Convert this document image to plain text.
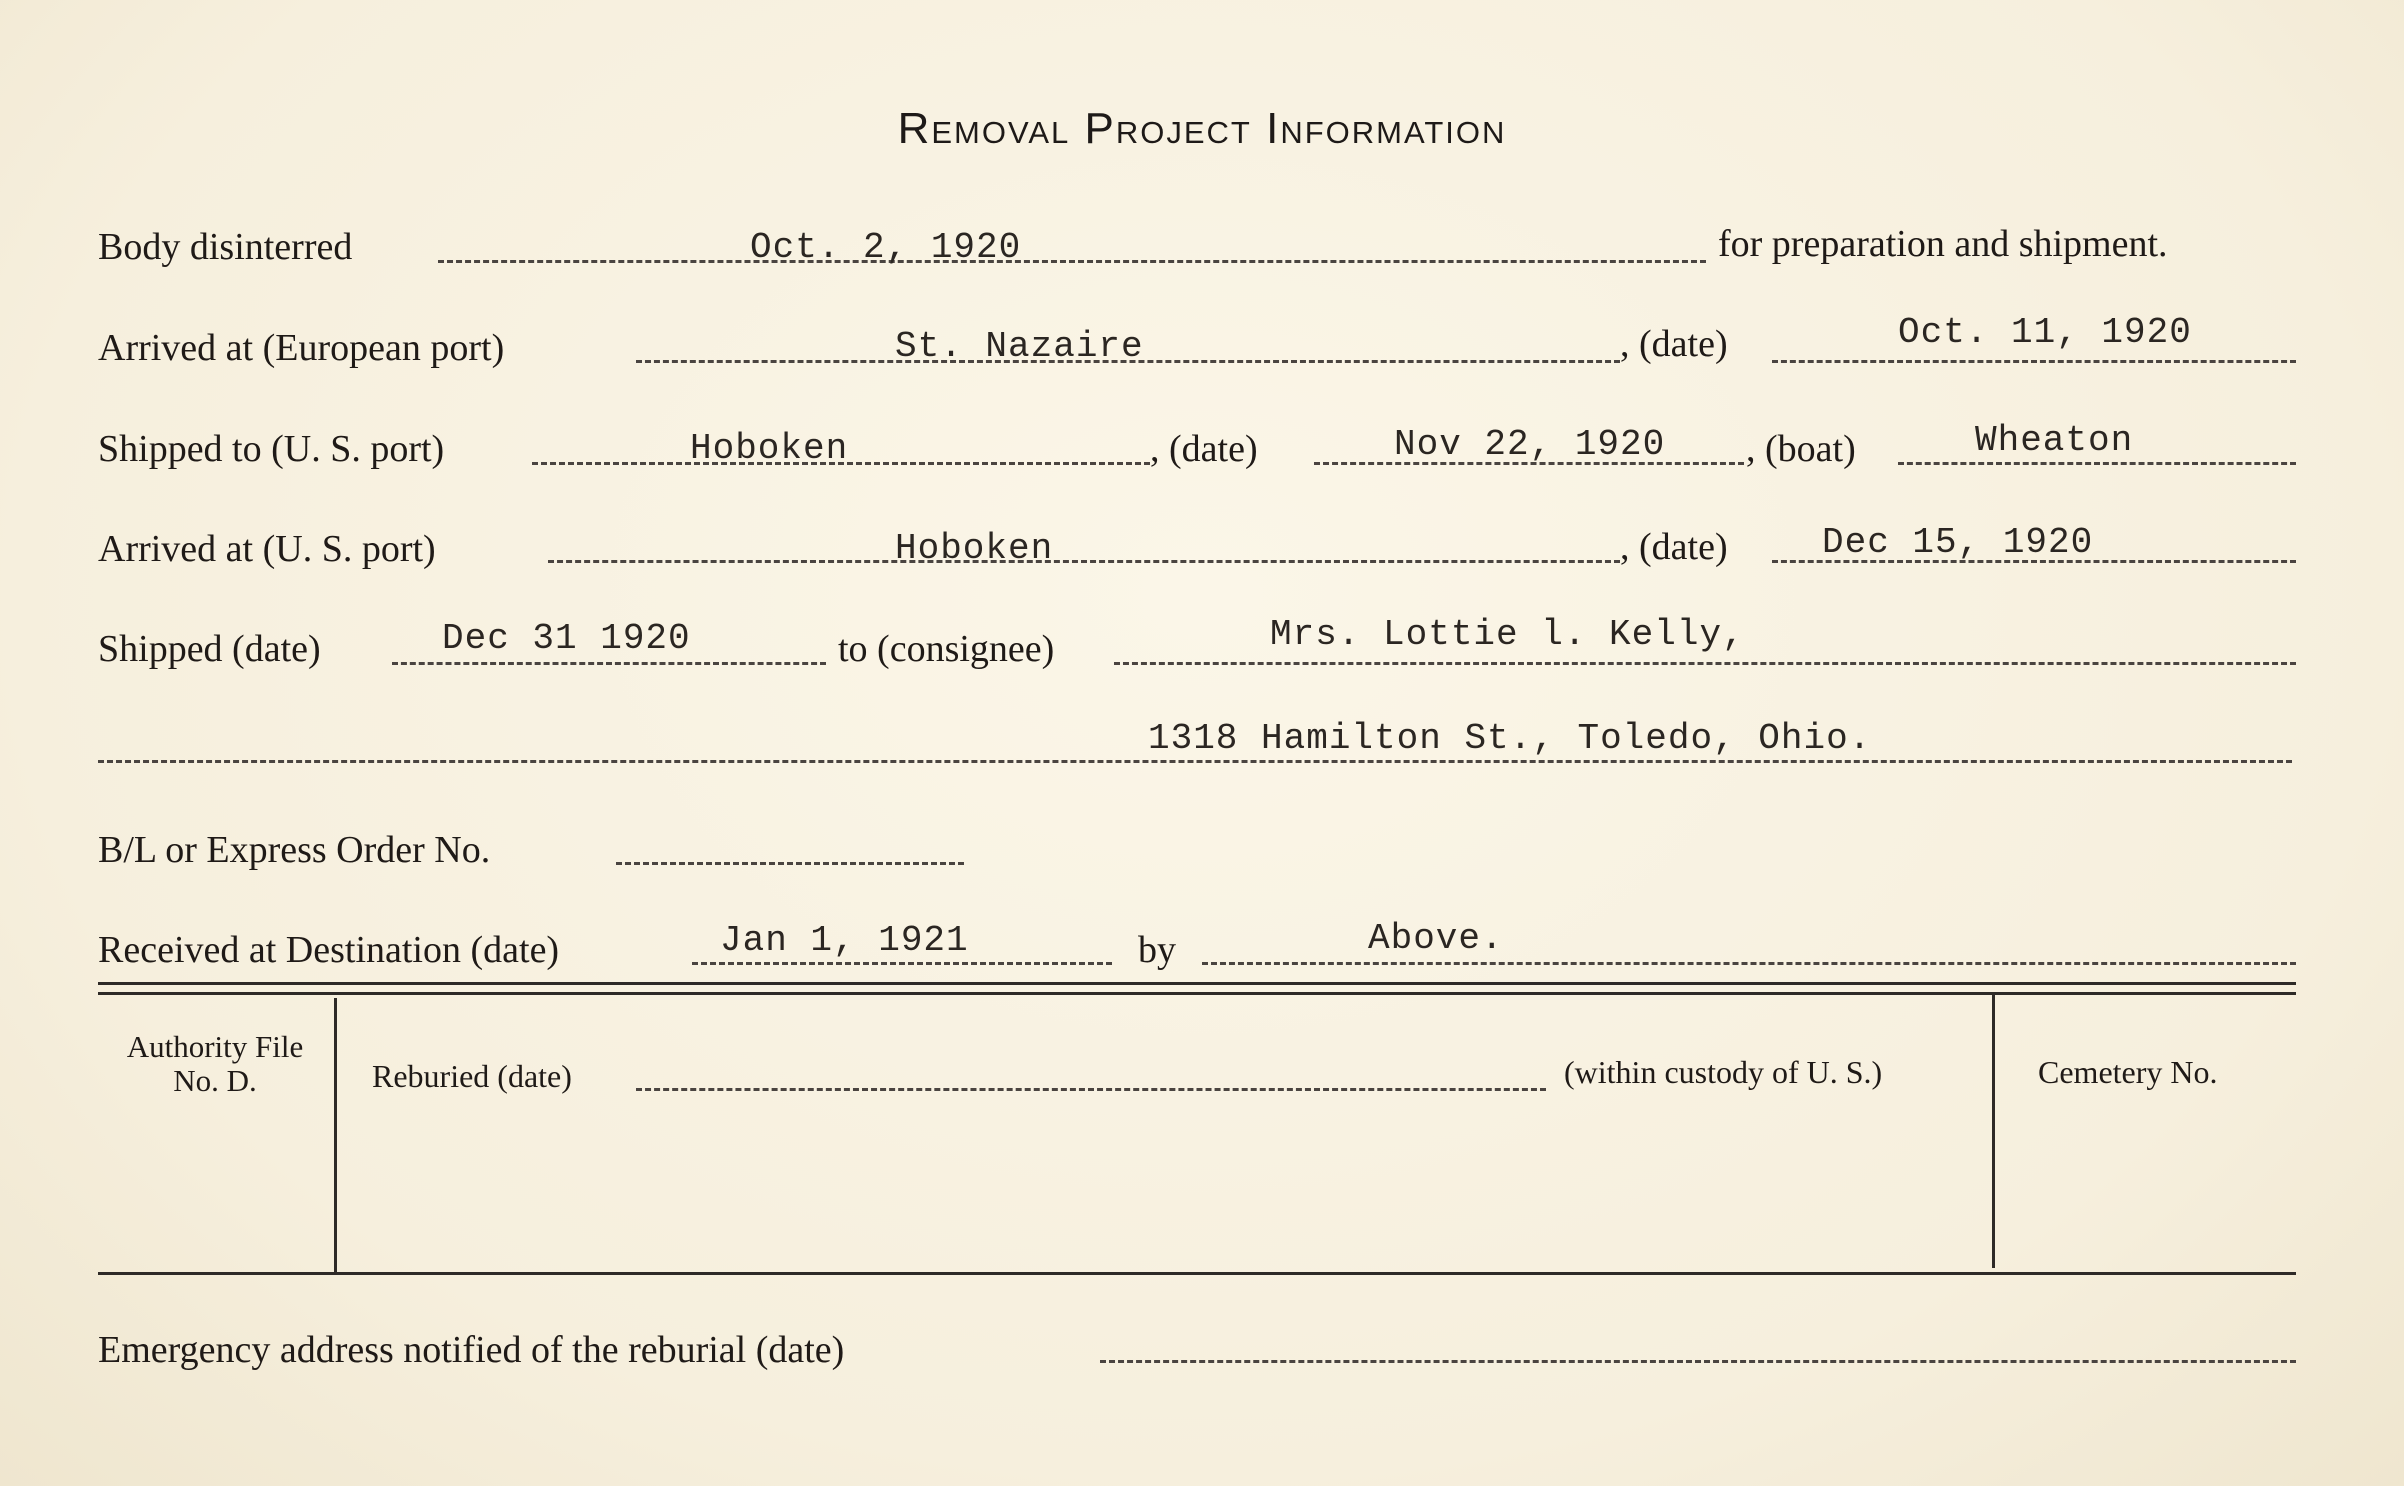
Removal Project Information
Body disinterred	Oct. 2, 1920	for preparation and shipment.
Arrived at (European port)	St. Nazaire	, (date)	Oct. 11, 1920
Shipped to (U. S. port)	Hoboken	, (date)	Nov 22, 1920 , (boat)	Wheaton
Arrived at (U. S. port)	Hoboken	, (date)	Dec 15, 1920
Shipped (date)	Dec 31 1920	to (consignee)	Mrs. Lottie l. Kelly,
1318 Hamilton St., Toledo, Ohio.
B/L or Express Order No.
Received at Destination (date)	Jan 1, 1921	by	Above.
Authority File No. D.	Reburied (date)	(within custody of U. S.)	Cemetery No.
Emergency address notified of the reburial (date)
